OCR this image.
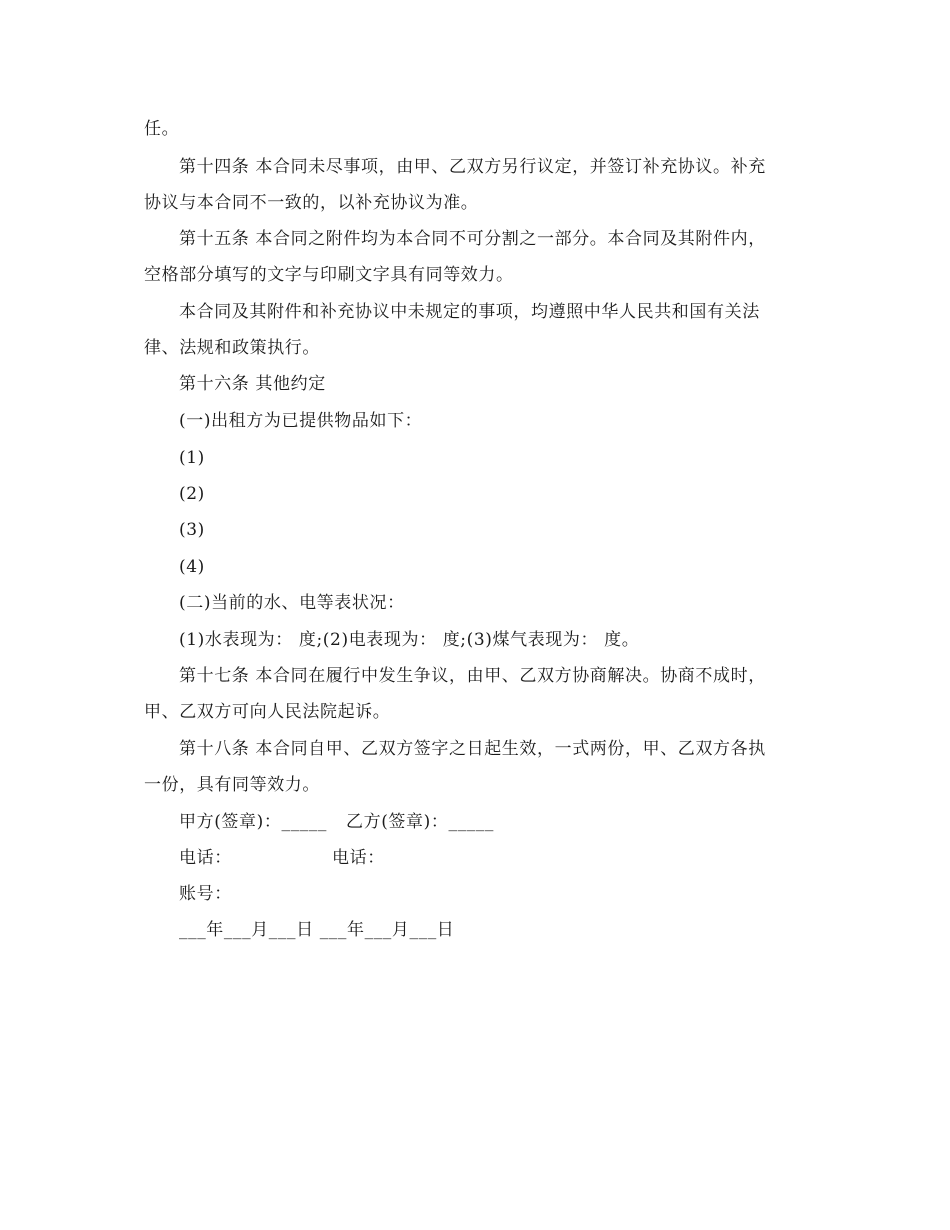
任。
第十四条 本合同未尽事项，由甲、乙双方另行议定，并签订补充协议。补充
协议与本合同不一致的，以补充协议为准。
第十五条 本合同之附件均为本合同不可分割之一部分。本合同及其附件内，
空格部分填写的文字与印刷文字具有同等效力。
本合同及其附件和补充协议中未规定的事项，均遵照中华人民共和国有关法
律、法规和政策执行。
第十六条 其他约定
(一)出租方为已提供物品如下：
(1)
(2)
(3)
(4)
(二)当前的水、电等表状况：
(1)水表现为： 度;(2)电表现为： 度;(3)煤气表现为： 度。
第十七条 本合同在履行中发生争议，由甲、乙双方协商解决。协商不成时，
甲、乙双方可向人民法院起诉。
第十八条 本合同自甲、乙双方签字之日起生效，一式两份，甲、乙双方各执
一份，具有同等效力。
甲方(签章)：_____ 乙方(签章)：_____
电话：	电话：
账号：
___年___月___日 ___年___月___日
